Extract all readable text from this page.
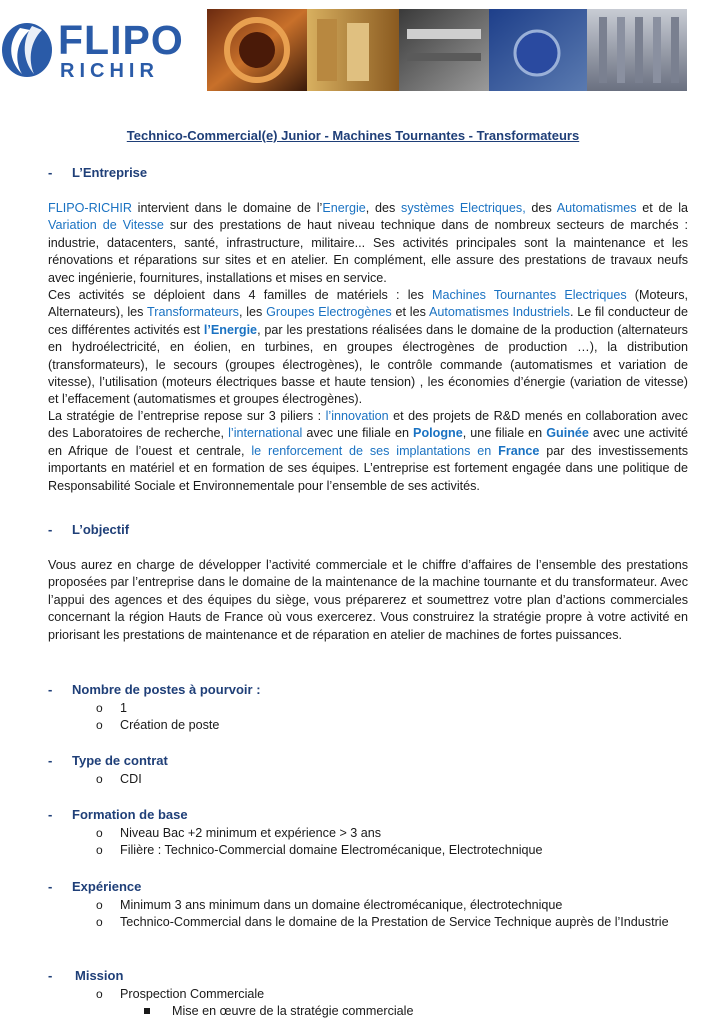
FLIPO
RICHIR
Technico-Commercial(e) Junior - Machines Tournantes - Transformateurs
- L’Entreprise

FLIPO-RICHIR intervient dans le domaine de l’Energie, des systèmes Electriques, des Automatismes et de la Variation de Vitesse sur des prestations de haut niveau technique dans de nombreux secteurs de marchés : industrie, datacenters, santé, infrastructure, militaire... Ses activités principales sont la maintenance et les rénovations et réparations sur sites et en atelier. En complément, elle assure des prestations de travaux neufs avec ingénierie, fournitures, installations et mises en service.

Ces activités se déploient dans 4 familles de matériels : les Machines Tournantes Electriques (Moteurs, Alternateurs), les Transformateurs, les Groupes Electrogènes et les Automatismes Industriels. Le fil conducteur de ces différentes activités est l’Energie, par les prestations réalisées dans le domaine de la production (alternateurs en hydroélectricité, en éolien, en turbines, en groupes électrogènes de production …), la distribution (transformateurs), le secours (groupes électrogènes), le contrôle commande (automatismes et variation de vitesse), l’utilisation (moteurs électriques basse et haute tension) , les économies d’énergie (variation de vitesse) et l’effacement (automatismes et groupes électrogènes).

La stratégie de l’entreprise repose sur 3 piliers : l’innovation et des projets de R&D menés en collaboration avec des Laboratoires de recherche, l’international avec une filiale en Pologne, une filiale en Guinée avec une activité en Afrique de l’ouest et centrale, le renforcement de ses implantations en France par des investissements importants en matériel et en formation de ses équipes. L’entreprise est fortement engagée dans une politique de Responsabilité Sociale et Environnementale pour l’ensemble de ses activités.

- L’objectif

Vous aurez en charge de développer l’activité commerciale et le chiffre d’affaires de l’ensemble des prestations proposées par l’entreprise dans le domaine de la maintenance de la machine tournante et du transformateur. Avec l’appui des agences et des équipes du siège, vous préparerez et soumettrez votre plan d’actions commerciales concernant la région Hauts de France où vous exercerez. Vous construirez la stratégie propre à votre activité en priorisant les prestations de maintenance et de réparation en atelier de machines de fortes puissances.

- Nombre de postes à pourvoir :
o 1
o Création de poste
- Type de contrat
o CDI
- Formation de base
o Niveau Bac +2 minimum et expérience > 3 ans
o Filière : Technico-Commercial domaine Electromécanique, Electrotechnique
- Expérience
o Minimum 3 ans minimum dans un domaine électromécanique, électrotechnique
o Technico-Commercial dans le domaine de la Prestation de Service Technique auprès de l’Industrie
- Mission
o Prospection Commerciale
Mise en œuvre de la stratégie commerciale
